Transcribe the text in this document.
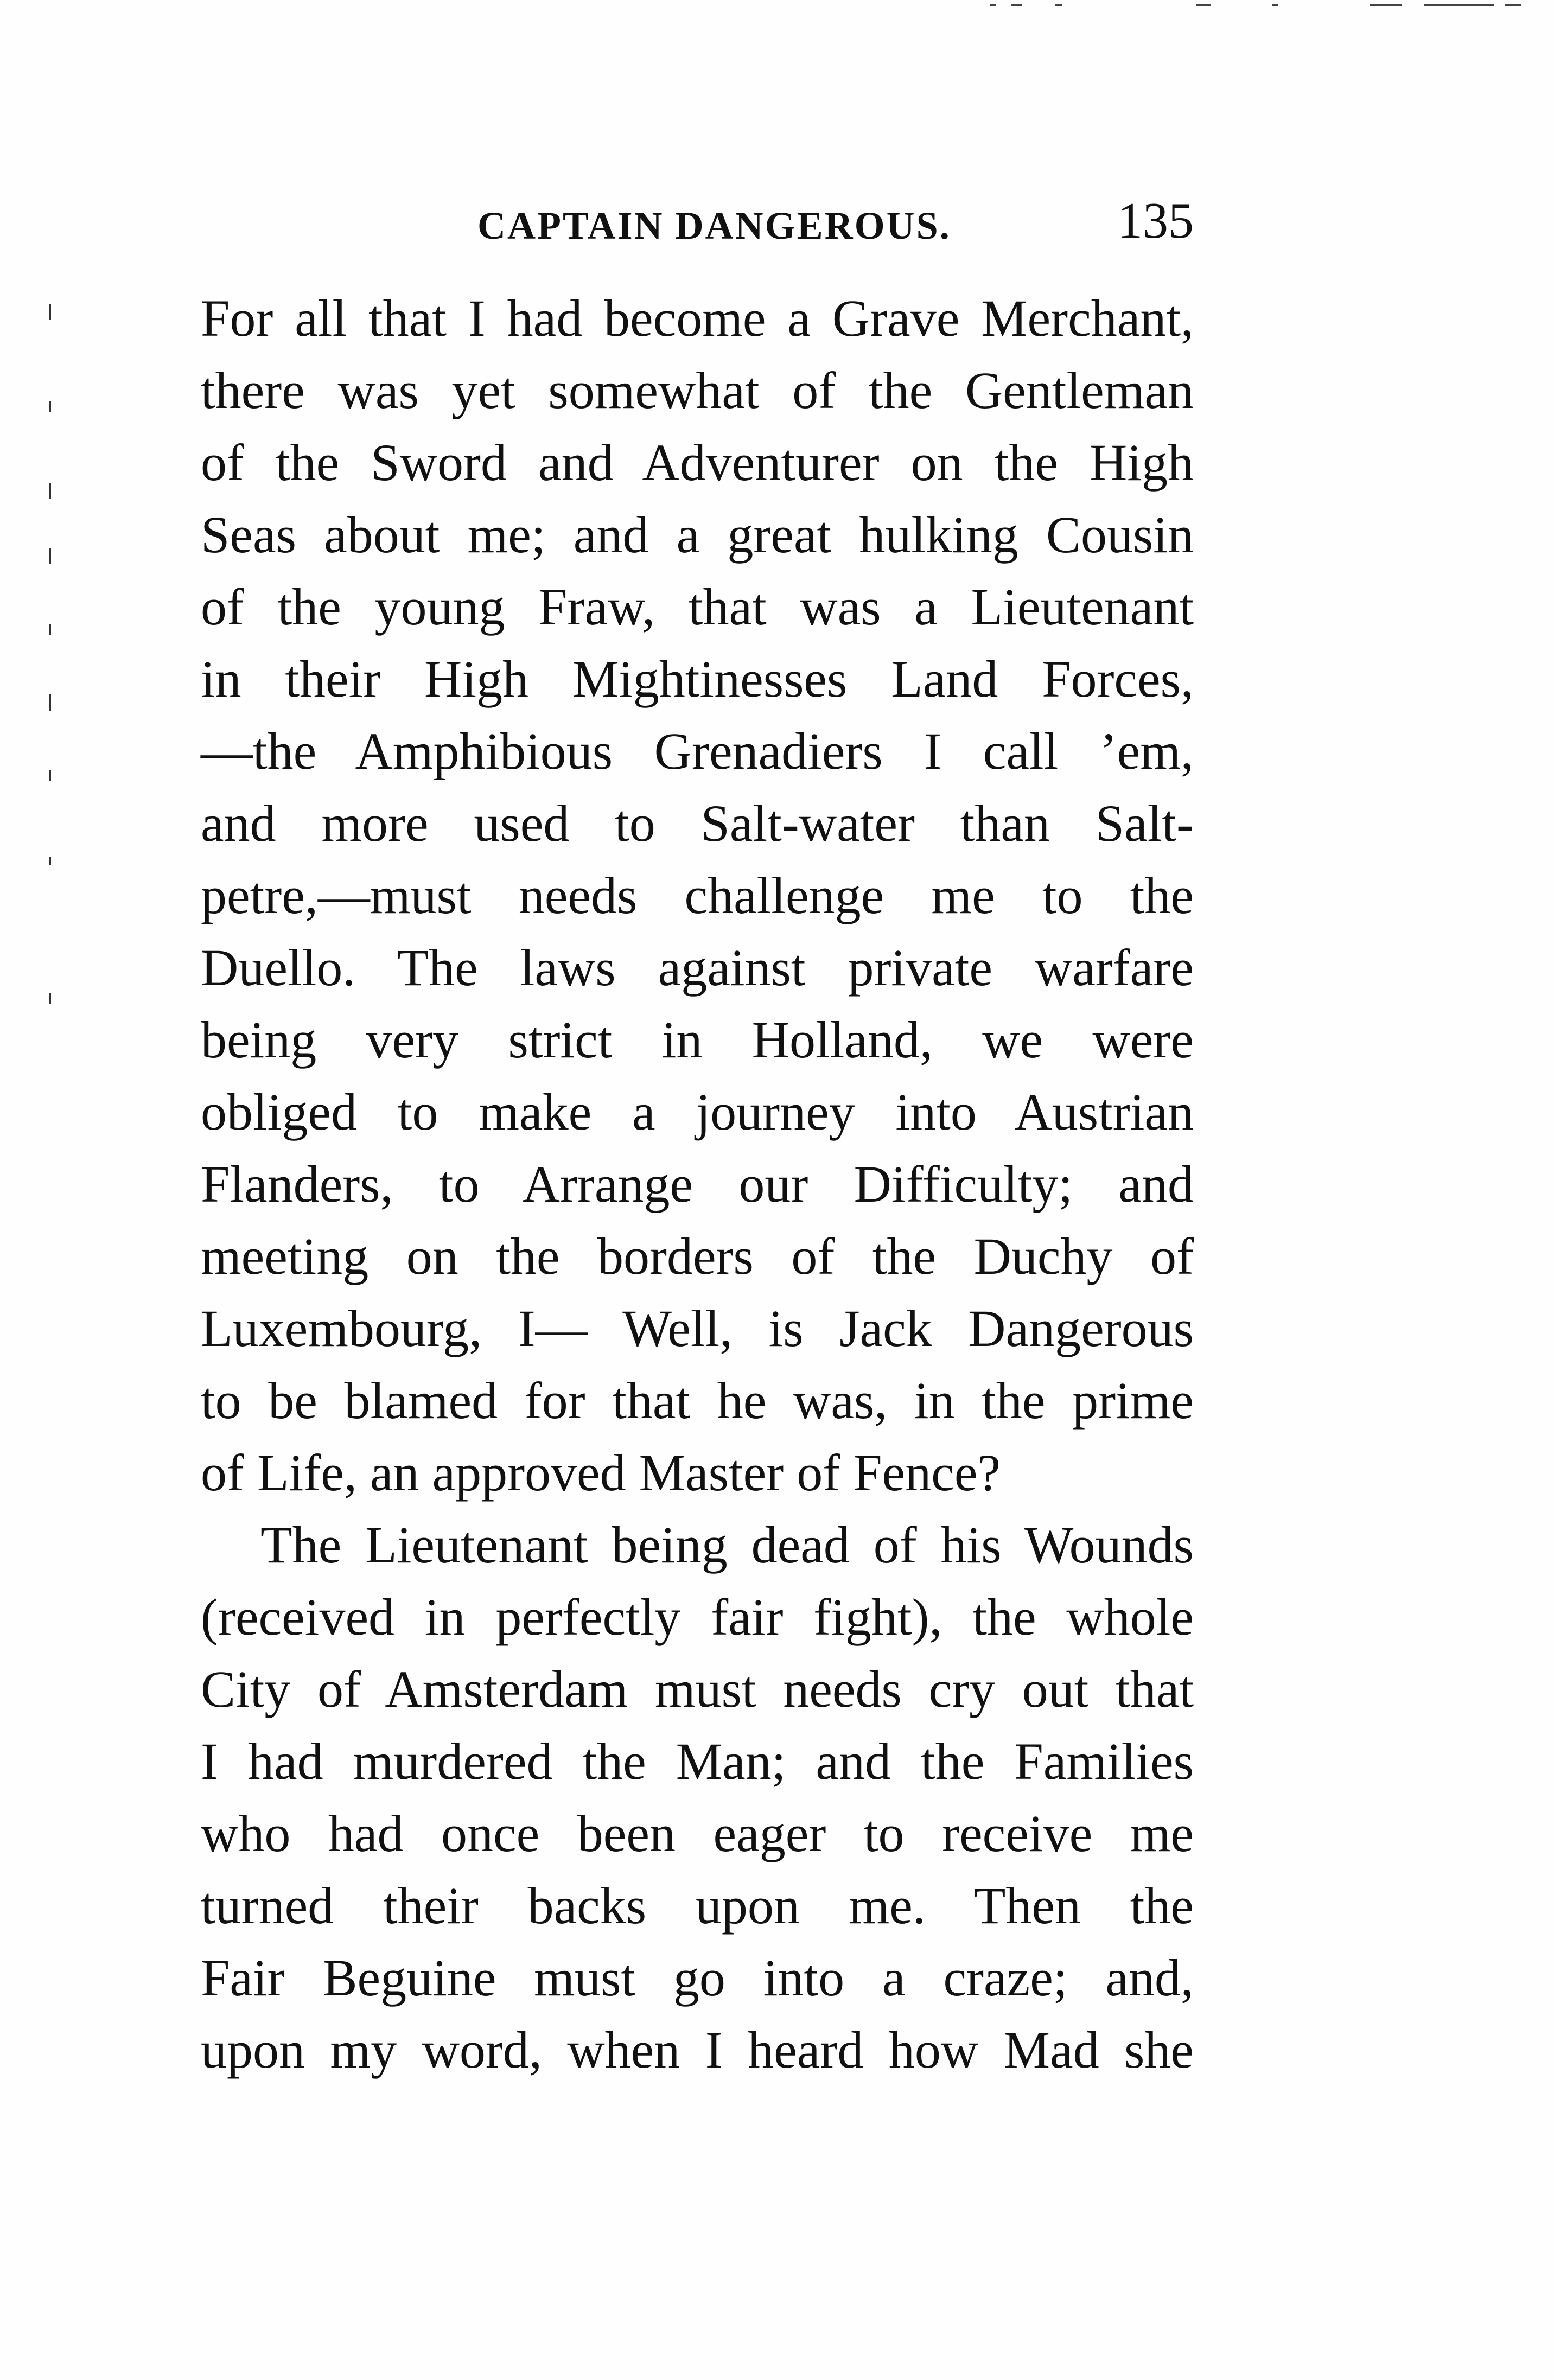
CAPTAIN DANGEROUS.	135
For all that I had become a Grave Merchant,
there was yet somewhat of the Gentleman
of the Sword and Adventurer on the High
Seas about me; and a great hulking Cousin
of the young Fraw, that was a Lieutenant
in their High Mightinesses Land Forces,
—the Amphibious Grenadiers I call ’em,
and more used to Salt-water than Salt-
petre,—must needs challenge me to the
Duello. The laws against private warfare
being very strict in Holland, we were
obliged to make a journey into Austrian
Flanders, to Arrange our Difficulty; and
meeting on the borders of the Duchy of
Luxembourg, I— Well, is Jack Dangerous
to be blamed for that he was, in the prime
of Life, an approved Master of Fence?
The Lieutenant being dead of his Wounds
(received in perfectly fair fight), the whole
City of Amsterdam must needs cry out that
I had murdered the Man; and the Families
who had once been eager to receive me
turned their backs upon me. Then the
Fair Beguine must go into a craze; and,
upon my word, when I heard how Mad she
